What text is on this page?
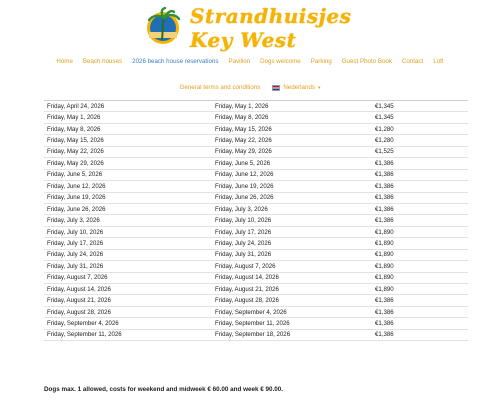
Strandhuisjes Key West
Home	Beach houses	2026 beach house reservations	Pavilion	Dogs welcome	Parking	Guest Photo Book	Contact	Loft
General terms and conditions	Nederlands ▾
Friday, April 24, 2026	Friday, May 1, 2026	€1,345
Friday, May 1, 2026	Friday, May 8, 2026	€1,345
Friday, May 8, 2026	Friday, May 15, 2026	€1,280
Friday, May 15, 2026	Friday, May 22, 2026	€1,280
Friday, May 22, 2026	Friday, May 29, 2026	€1,525
Friday, May 29, 2026	Friday, June 5, 2026	€1,386
Friday, June 5, 2026	Friday, June 12, 2026	€1,386
Friday, June 12, 2026	Friday, June 19, 2026	€1,386
Friday, June 19, 2026	Friday, June 26, 2026	€1,386
Friday, June 26, 2026	Friday, July 3, 2026	€1,386
Friday, July 3, 2026	Friday, July 10, 2026	€1,386
Friday, July 10, 2026	Friday, July 17, 2026	€1,890
Friday, July 17, 2026	Friday, July 24, 2026	€1,890
Friday, July 24, 2026	Friday, July 31, 2026	€1,890
Friday, July 31, 2026	Friday, August 7, 2026	€1,890
Friday, August 7, 2026	Friday, August 14, 2026	€1,890
Friday, August 14, 2026	Friday, August 21, 2026	€1,890
Friday, August 21, 2026	Friday, August 28, 2026	€1,386
Friday, August 28, 2026	Friday, September 4, 2026	€1,386
Friday, September 4, 2026	Friday, September 11, 2026	€1,386
Friday, September 11, 2026	Friday, September 18, 2026	€1,386
Dogs max. 1 allowed, costs for weekend and midweek € 60.00 and week € 90.00.
